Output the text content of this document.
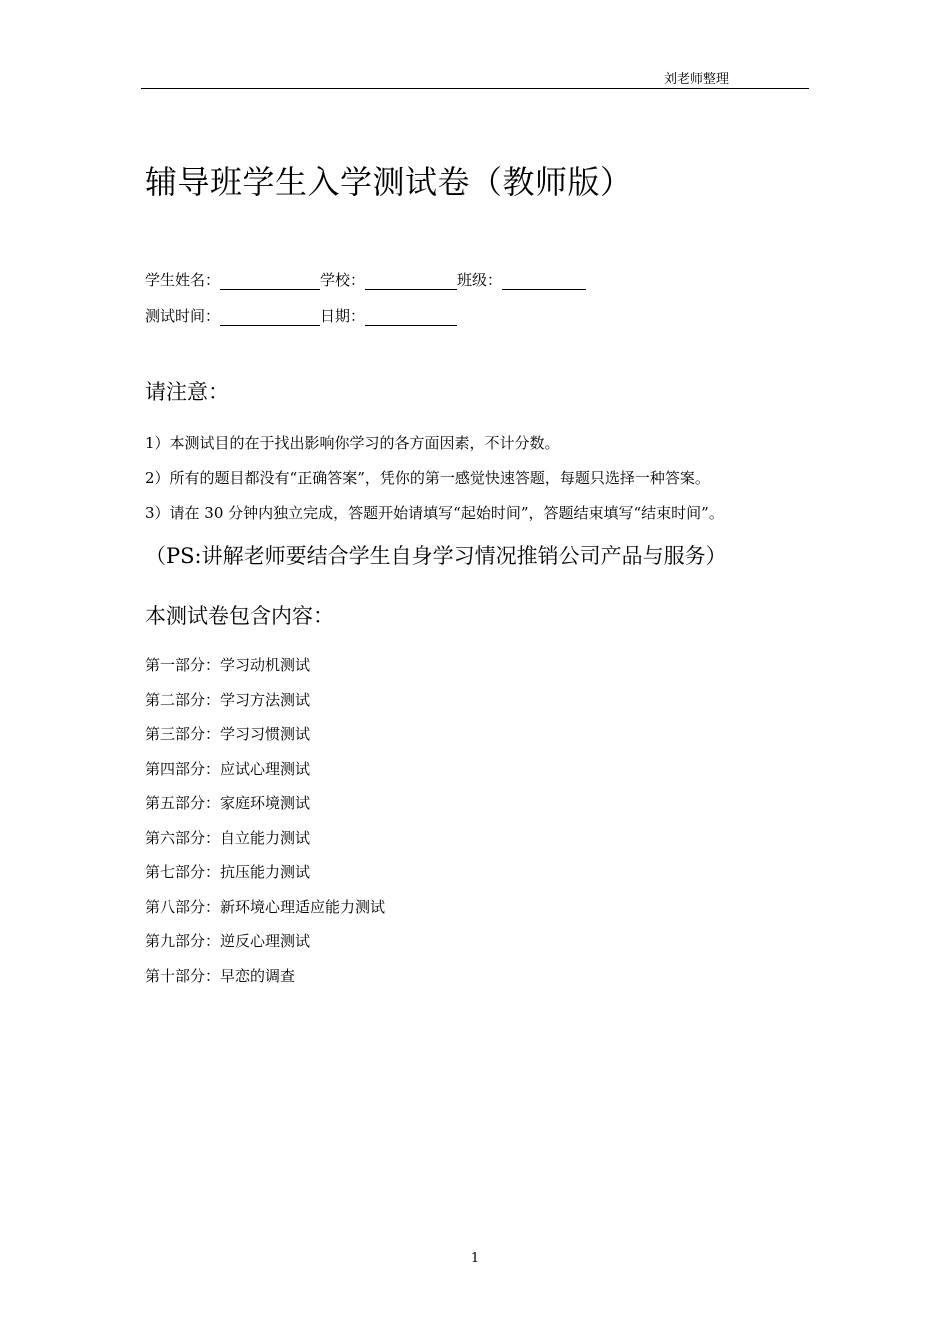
刘老师整理
辅导班学生入学测试卷（教师版）
学生姓名：	学校：	班级：
测试时间：	日期：
请注意：
1）本测试目的在于找出影响你学习的各方面因素，不计分数。
2）所有的题目都没有“正确答案”，凭你的第一感觉快速答题，每题只选择一种答案。
3）请在 30 分钟内独立完成，答题开始请填写“起始时间”，答题结束填写“结束时间”。
（PS:讲解老师要结合学生自身学习情况推销公司产品与服务）
本测试卷包含内容：
第一部分：学习动机测试
第二部分：学习方法测试
第三部分：学习习惯测试
第四部分：应试心理测试
第五部分：家庭环境测试
第六部分：自立能力测试
第七部分：抗压能力测试
第八部分：新环境心理适应能力测试
第九部分：逆反心理测试
第十部分：早恋的调查
1
